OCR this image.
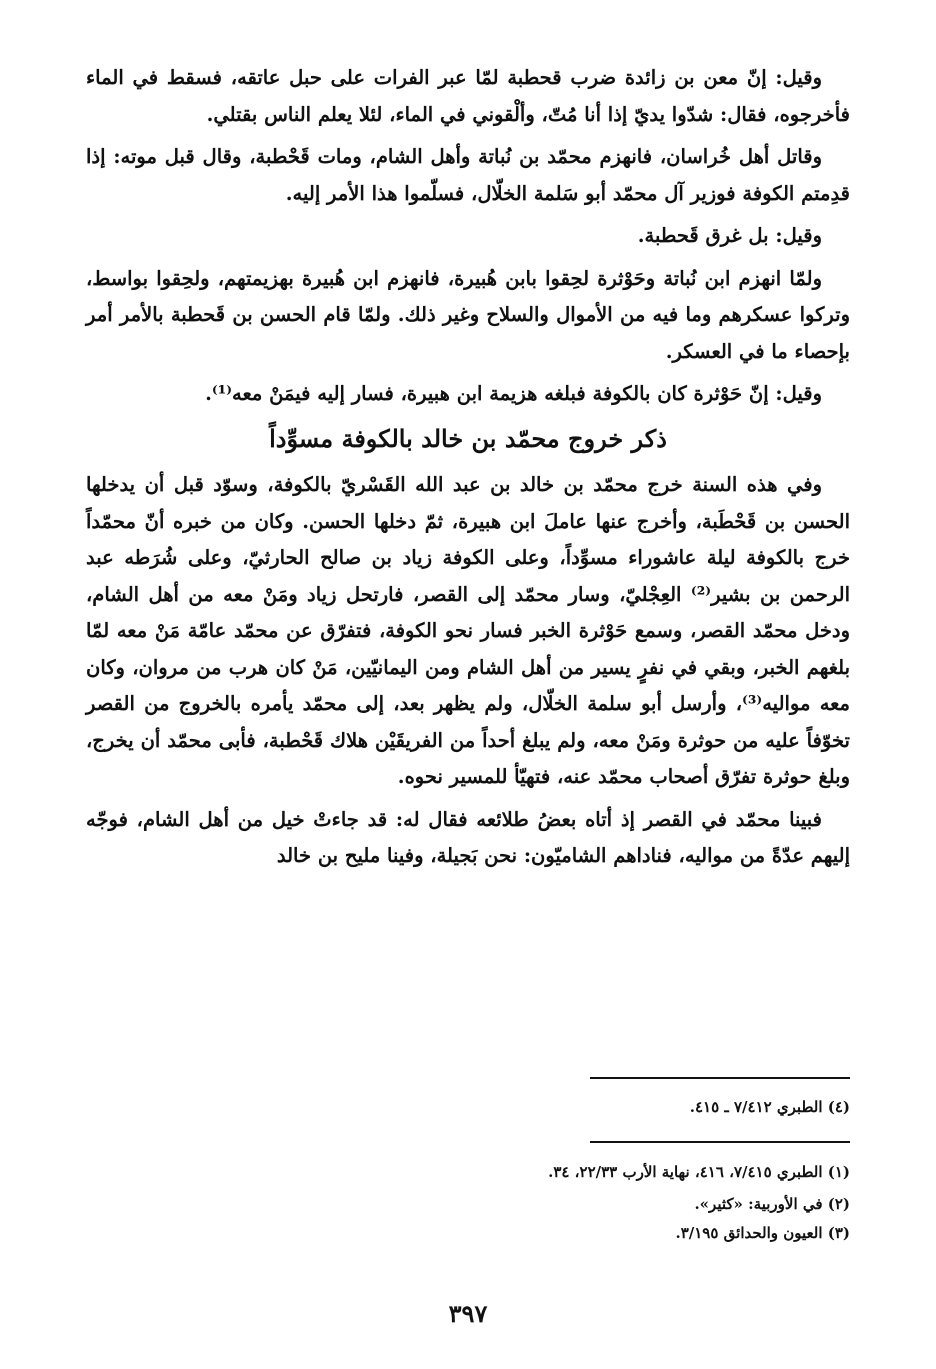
وقيل: إنّ معن بن زائدة ضرب قحطبة لمّا عبر الفرات على حبل عاتقه، فسقط في الماء فأخرجوه، فقال: شدّوا يديّ إذا أنا مُتّ، وألْقوني في الماء، لئلا يعلم الناس بقتلي.

وقاتل أهل خُراسان، فانهزم محمّد بن نُباتة وأهل الشام، ومات قَحْطبة، وقال قبل موته: إذا قدِمتم الكوفة فوزير آل محمّد أبو سَلمة الخلّال، فسلّموا هذا الأمر إليه.

وقيل: بل غرق قَحطبة.

ولمّا انهزم ابن نُباتة وحَوْثرة لحِقوا بابن هُبيرة، فانهزم ابن هُبيرة بهزيمتهم، ولحِقوا بواسط، وتركوا عسكرهم وما فيه من الأموال والسلاح وغير ذلك. ولمّا قام الحسن بن قَحطبة بالأمر أمر بإحصاء ما في العسكر.

وقيل: إنّ حَوْثرة كان بالكوفة فبلغه هزيمة ابن هبيرة، فسار إليه فيمَنْ معه⁽¹⁾.

ذكر خروج محمّد بن خالد بالكوفة مسوِّداً

وفي هذه السنة خرج محمّد بن خالد بن عبد الله القَسْريّ بالكوفة، وسوّد قبل أن يدخلها الحسن بن قَحْطَبة، وأخرج عنها عاملَ ابن هبيرة، ثمّ دخلها الحسن. وكان من خبره أنّ محمّداً خرج بالكوفة ليلة عاشوراء مسوِّداً، وعلى الكوفة زياد بن صالح الحارثيّ، وعلى شُرَطه عبد الرحمن بن بشير⁽²⁾ العِجْليّ، وسار محمّد إلى القصر، فارتحل زياد ومَنْ معه من أهل الشام، ودخل محمّد القصر، وسمع حَوْثرة الخبر فسار نحو الكوفة، فتفرّق عن محمّد عامّة مَنْ معه لمّا بلغهم الخبر، وبقي في نفرٍ يسير من أهل الشام ومن اليمانيّين، مَنْ كان هرب من مروان، وكان معه مواليه⁽³⁾، وأرسل أبو سلمة الخلّال، ولم يظهر بعد، إلى محمّد يأمره بالخروج من القصر تخوّفاً عليه من حوثرة ومَنْ معه، ولم يبلغ أحداً من الفريقَيْن هلاك قَحْطبة، فأبى محمّد أن يخرج، وبلغ حوثرة تفرّق أصحاب محمّد عنه، فتهيّأ للمسير نحوه.

فبينا محمّد في القصر إذ أتاه بعضُ طلائعه فقال له: قد جاءتْ خيل من أهل الشام، فوجّه إليهم عدّةً من مواليه، فناداهم الشاميّون: نحن بَجيلة، وفينا مليح بن خالد

(٤) الطبري ٧/٤١٢ ـ ٤١٥.
(١) الطبري ٧/٤١٥، ٤١٦، نهاية الأرب ٢٢/٣٣، ٣٤.
(٢) في الأوربية: «كثير».
(٣) العيون والحدائق ٣/١٩٥.
٣٩٧
